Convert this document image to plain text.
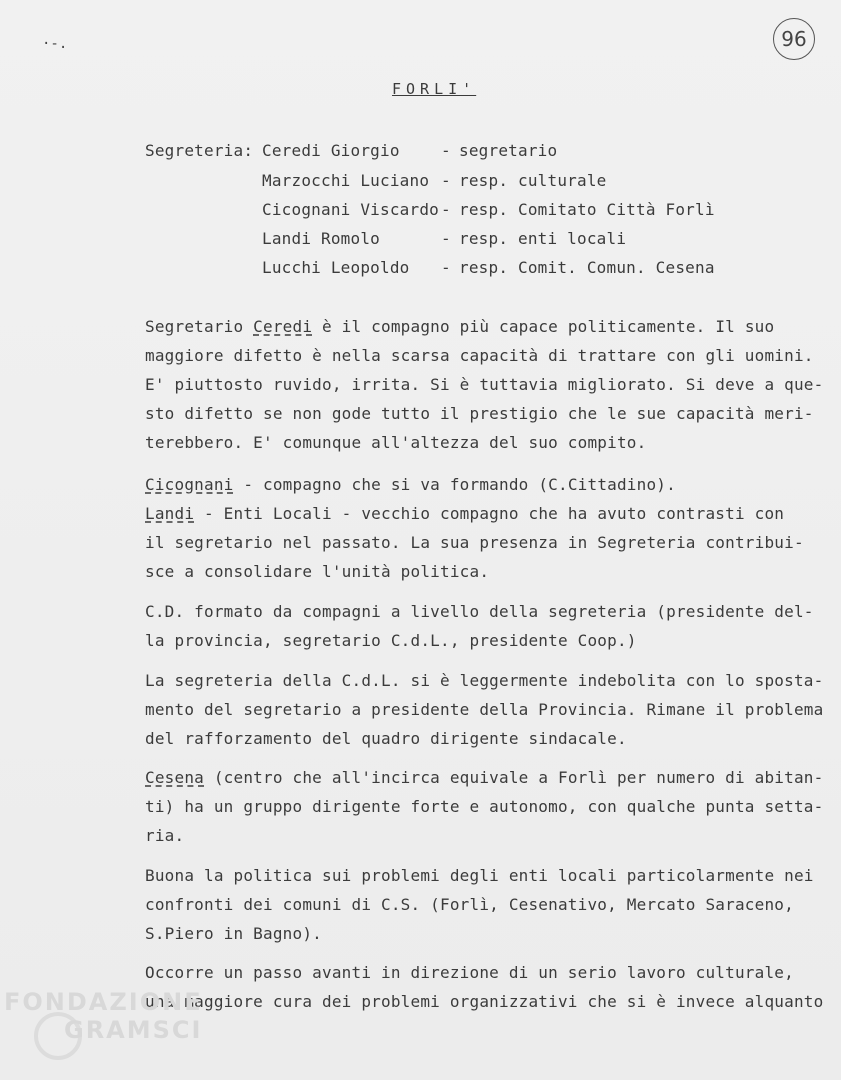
·-.	96
FORLI'
Segreteria: Ceredi Giorgio	- segretario
Marzocchi Luciano - resp. culturale
Cicognani Viscardo - resp. Comitato Città Forlì
Landi Romolo	- resp. enti locali
Lucchi Leopoldo - resp. Comit. Comun. Cesena
Segretario Ceredi è il compagno più capace politicamente. Il suo
maggiore difetto è nella scarsa capacità di trattare con gli uomini.
E' piuttosto ruvido, irrita. Si è tuttavia migliorato. Si deve a que-
sto difetto se non gode tutto il prestigio che le sue capacità meri-
terebbero. E' comunque all'altezza del suo compito.
Cicognani - compagno che si va formando (C.Cittadino).
Landi - Enti Locali - vecchio compagno che ha avuto contrasti con
il segretario nel passato. La sua presenza in Segreteria contribui-
sce a consolidare l'unità politica.
C.D. formato da compagni a livello della segreteria (presidente del-
la provincia, segretario C.d.L., presidente Coop.)
La segreteria della C.d.L. si è leggermente indebolita con lo sposta-
mento del segretario a presidente della Provincia. Rimane il problema
del rafforzamento del quadro dirigente sindacale.
Cesena (centro che all'incirca equivale a Forlì per numero di abitan-
ti) ha un gruppo dirigente forte e autonomo, con qualche punta setta-
ria.
Buona la politica sui problemi degli enti locali particolarmente nei
confronti dei comuni di C.S. (Forlì, Cesenativo, Mercato Saraceno,
S.Piero in Bagno).
Occorre un passo avanti in direzione di un serio lavoro culturale,
una maggiore cura dei problemi organizzativi che si è invece alquanto
FONDAZIONE
GRAMSCI
